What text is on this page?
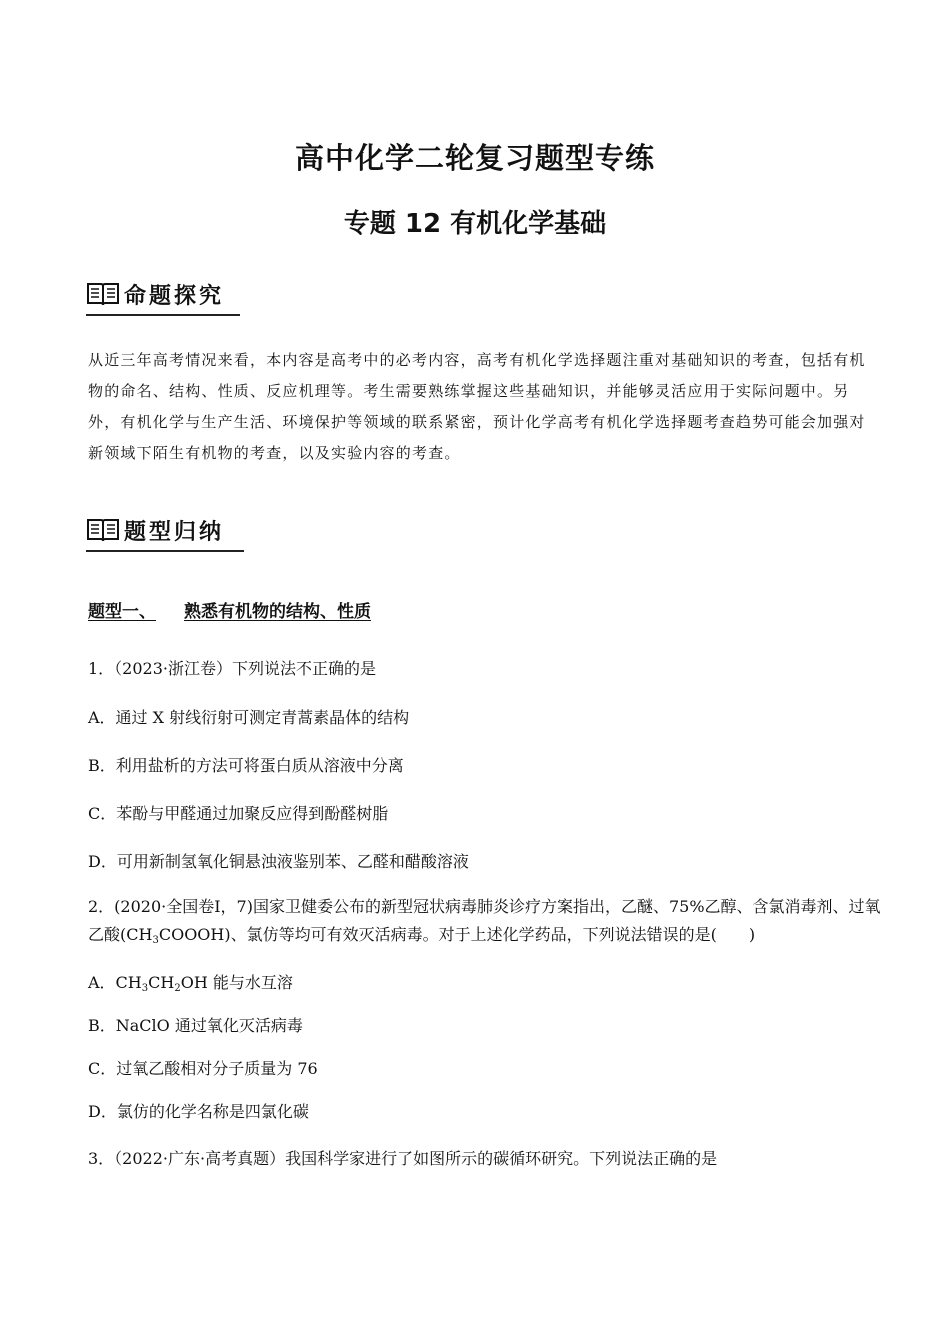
高中化学二轮复习题型专练
专题 12 有机化学基础
命题探究
从近三年高考情况来看，本内容是高考中的必考内容，高考有机化学选择题注重对基础知识的考查，包括有机物的命名、结构、性质、反应机理等。考生需要熟练掌握这些基础知识，并能够灵活应用于实际问题中。另外，有机化学与生产生活、环境保护等领域的联系紧密，预计化学高考有机化学选择题考查趋势可能会加强对新领域下陌生有机物的考查，以及实验内容的考查。
题型归纳
题型一、 熟悉有机物的结构、性质
1．（2023·浙江卷）下列说法不正确的是
A．通过 X 射线衍射可测定青蒿素晶体的结构
B．利用盐析的方法可将蛋白质从溶液中分离
C．苯酚与甲醛通过加聚反应得到酚醛树脂
D．可用新制氢氧化铜悬浊液鉴别苯、乙醛和醋酸溶液
2．(2020·全国卷Ⅰ，7)国家卫健委公布的新型冠状病毒肺炎诊疗方案指出，乙醚、75%乙醇、含氯消毒剂、过氧乙酸$(CH_3COOOH)$、氯仿等均可有效灭活病毒。对于上述化学药品，下列说法错误的是(　　)
A．$CH_3CH_2OH$ 能与水互溶
B．NaClO 通过氧化灭活病毒
C．过氧乙酸相对分子质量为 76
D．氯仿的化学名称是四氯化碳
3．（2022·广东·高考真题）我国科学家进行了如图所示的碳循环研究。下列说法正确的是
